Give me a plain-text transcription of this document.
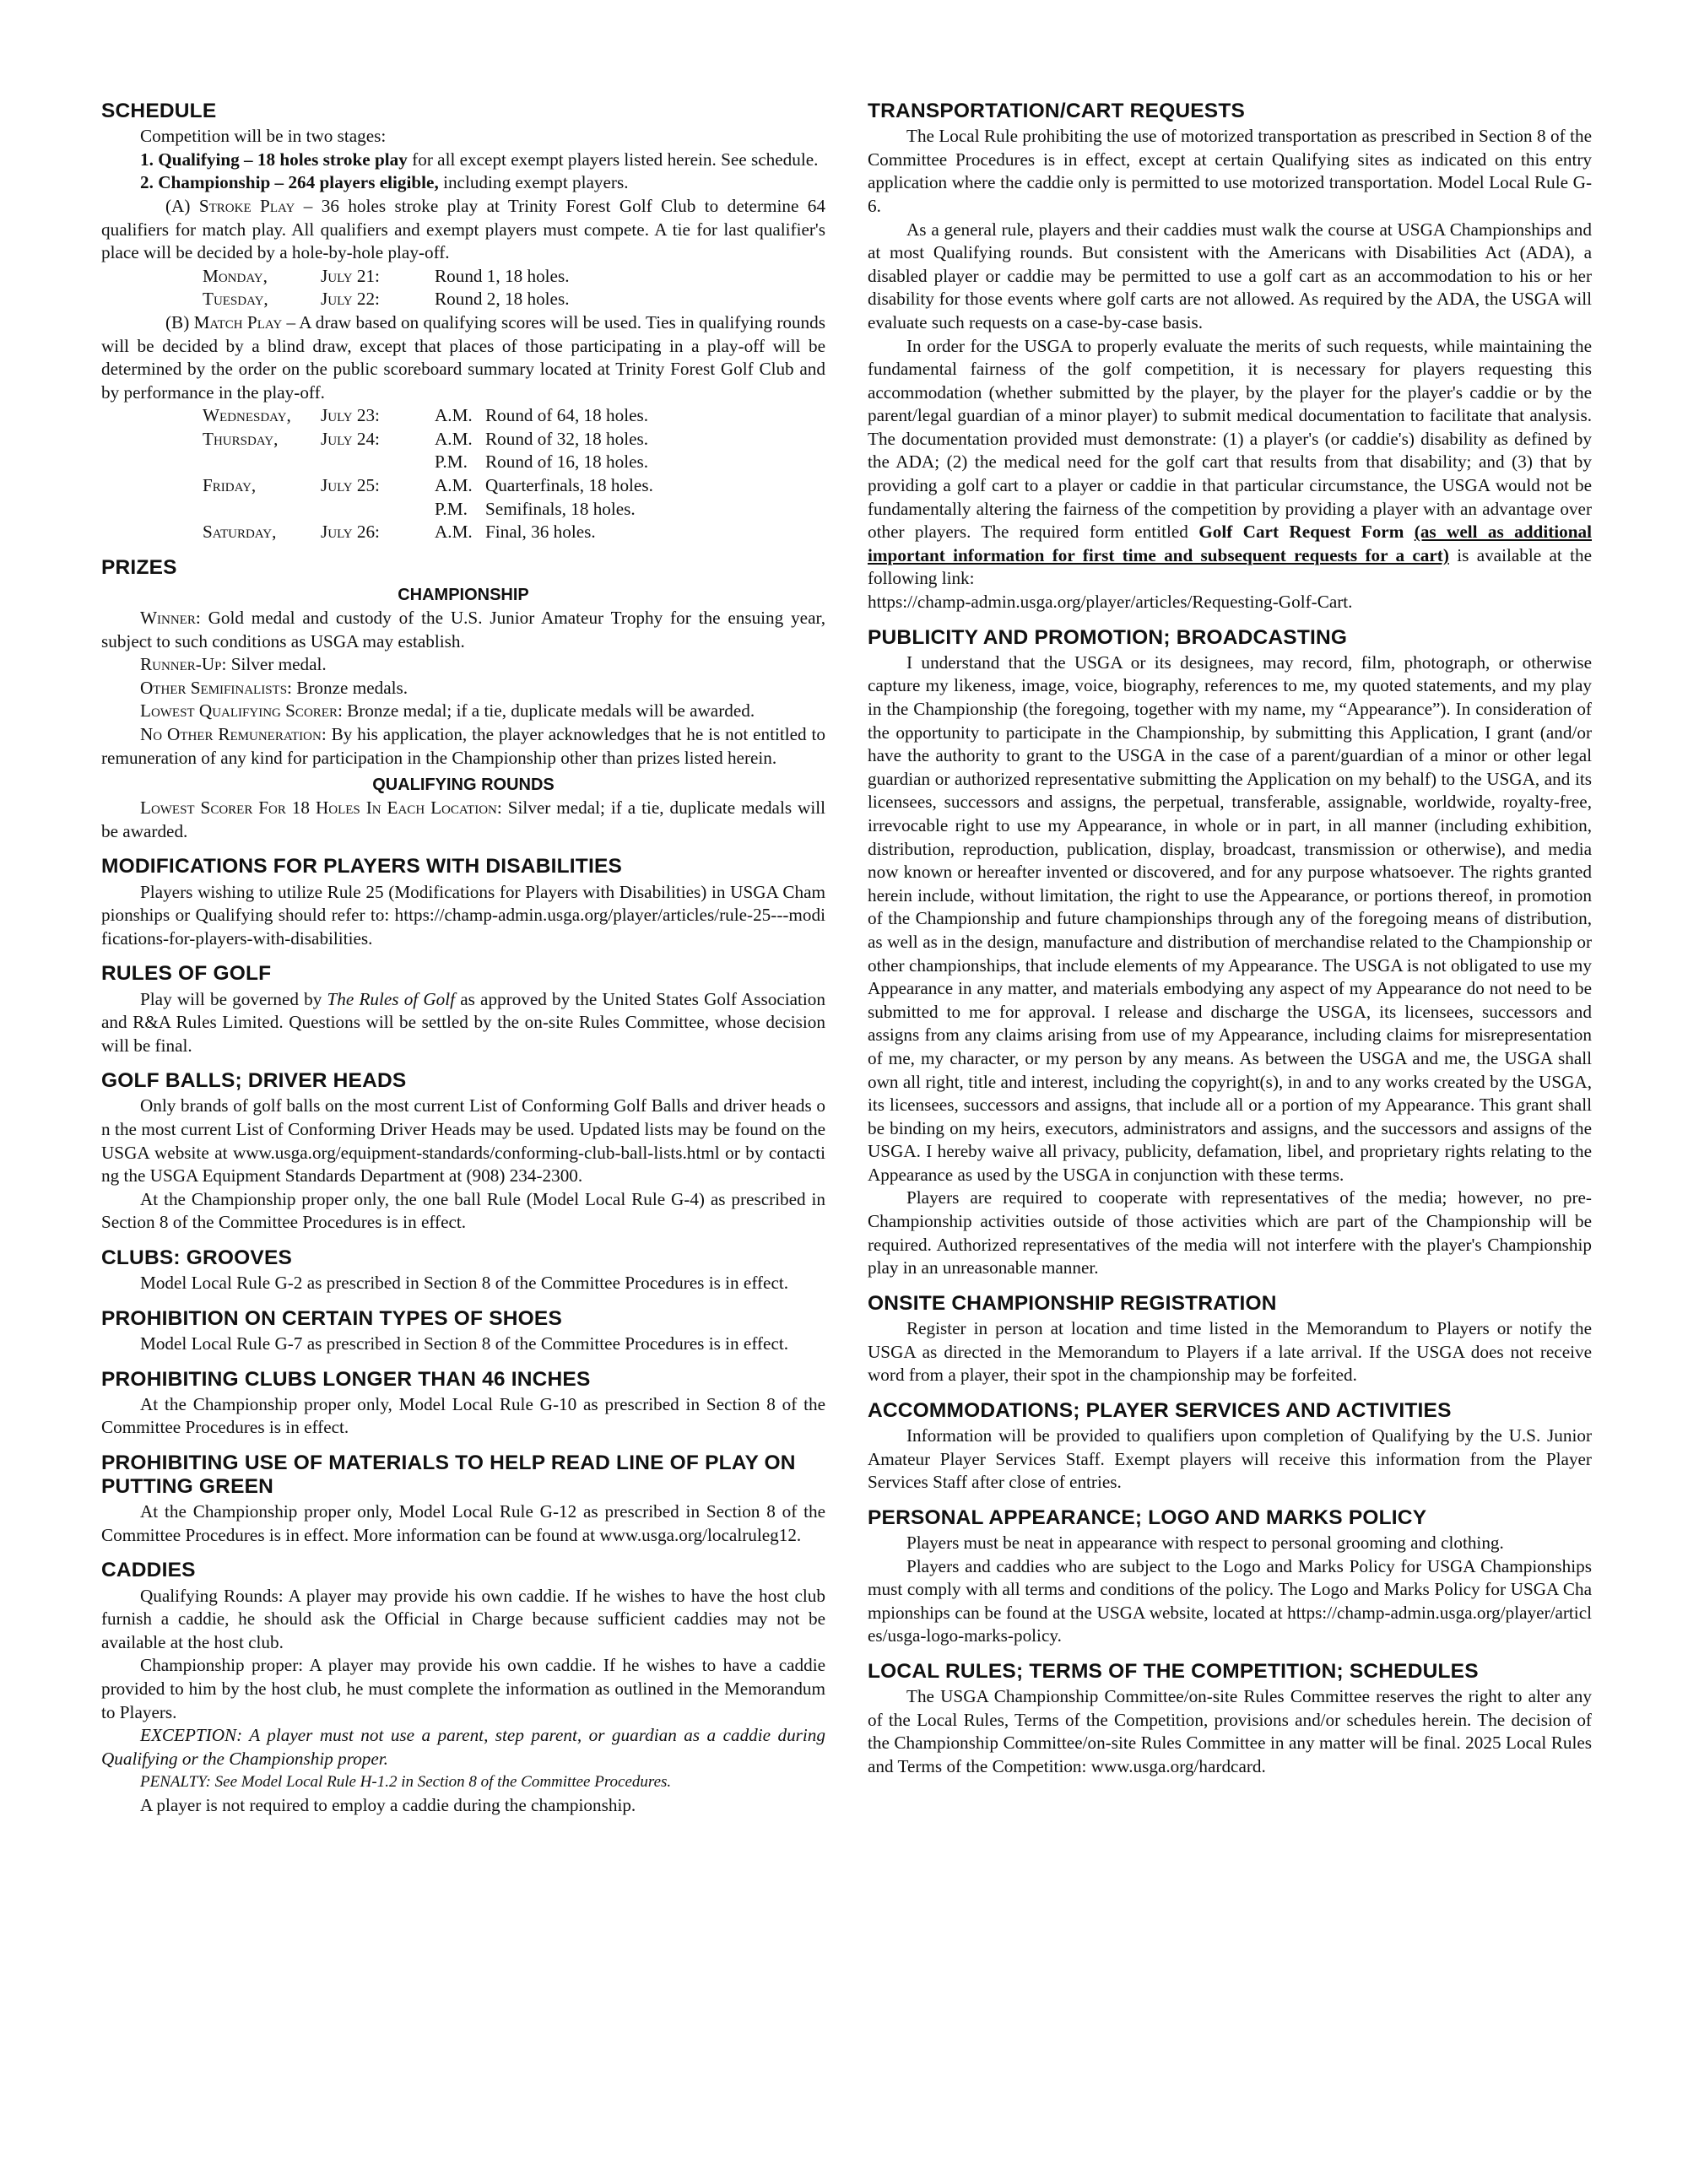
SCHEDULE

Competition will be in two stages:

1. Qualifying – 18 holes stroke play for all except exempt players listed herein. See schedule.

2. Championship – 264 players eligible, including exempt players.

(A) Stroke Play – 36 holes stroke play at Trinity Forest Golf Club to determine 64 qualifiers for match play. All qualifiers and exempt players must compete. A tie for last qualifier's place will be decided by a hole-by-hole play-off.

Monday,	July 21:	Round 1, 18 holes.
Tuesday,	July 22:	Round 2, 18 holes.

(B) Match Play – A draw based on qualifying scores will be used. Ties in qualifying rounds will be decided by a blind draw, except that places of those participating in a play-off will be determined by the order on the public scoreboard summary located at Trinity Forest Golf Club and by performance in the play-off.

Wednesday,	July 23:	A.M.	Round of 64, 18 holes.
Thursday,	July 24:	A.M.	Round of 32, 18 holes.
		P.M.	Round of 16, 18 holes.
Friday,	July 25:	A.M.	Quarterfinals, 18 holes.
		P.M.	Semifinals, 18 holes.
Saturday,	July 26:	A.M.	Final, 36 holes.
PRIZES
CHAMPIONSHIP

Winner: Gold medal and custody of the U.S. Junior Amateur Trophy for the ensuing year, subject to such conditions as USGA may establish.

Runner-Up: Silver medal.

Other Semifinalists: Bronze medals.

Lowest Qualifying Scorer: Bronze medal; if a tie, duplicate medals will be awarded.

No Other Remuneration: By his application, the player acknowledges that he is not entitled to remuneration of any kind for participation in the Championship other than prizes listed herein.

QUALIFYING ROUNDS

Lowest Scorer For 18 Holes In Each Location: Silver medal; if a tie, duplicate medals will be awarded.

MODIFICATIONS FOR PLAYERS WITH DISABILITIES

Players wishing to utilize Rule 25 (Modifications for Players with Disabilities) in USGA Championships or Qualifying should refer to: https://champ-admin.usga.org/player/articles/rule-25---modifications-for-players-with-disabilities.

RULES OF GOLF

Play will be governed by The Rules of Golf as approved by the United States Golf Association and R&A Rules Limited. Questions will be settled by the on-site Rules Committee, whose decision will be final.

GOLF BALLS; DRIVER HEADS

Only brands of golf balls on the most current List of Conforming Golf Balls and driver heads on the most current List of Conforming Driver Heads may be used. Updated lists may be found on the USGA website at www.usga.org/equipment-standards/conforming-club-ball-lists.html or by contacting the USGA Equipment Standards Department at (908) 234-2300.

At the Championship proper only, the one ball Rule (Model Local Rule G-4) as prescribed in Section 8 of the Committee Procedures is in effect.

CLUBS: GROOVES

Model Local Rule G-2 as prescribed in Section 8 of the Committee Procedures is in effect.

PROHIBITION ON CERTAIN TYPES OF SHOES

Model Local Rule G-7 as prescribed in Section 8 of the Committee Procedures is in effect.

PROHIBITING CLUBS LONGER THAN 46 INCHES

At the Championship proper only, Model Local Rule G-10 as prescribed in Section 8 of the Committee Procedures is in effect.

PROHIBITING USE OF MATERIALS TO HELP READ LINE OF PLAY ON PUTTING GREEN

At the Championship proper only, Model Local Rule G-12 as prescribed in Section 8 of the Committee Procedures is in effect. More information can be found at www.usga.org/localruleg12.

CADDIES

Qualifying Rounds: A player may provide his own caddie. If he wishes to have the host club furnish a caddie, he should ask the Official in Charge because sufficient caddies may not be available at the host club.

Championship proper: A player may provide his own caddie. If he wishes to have a caddie provided to him by the host club, he must complete the information as outlined in the Memorandum to Players.

EXCEPTION: A player must not use a parent, step parent, or guardian as a caddie during Qualifying or the Championship proper.

PENALTY: See Model Local Rule H-1.2 in Section 8 of the Committee Procedures.

A player is not required to employ a caddie during the championship.

TRANSPORTATION/CART REQUESTS

The Local Rule prohibiting the use of motorized transportation as prescribed in Section 8 of the Committee Procedures is in effect, except at certain Qualifying sites as indicated on this entry application where the caddie only is permitted to use motorized transportation. Model Local Rule G-6.

As a general rule, players and their caddies must walk the course at USGA Championships and at most Qualifying rounds. But consistent with the Americans with Disabilities Act (ADA), a disabled player or caddie may be permitted to use a golf cart as an accommodation to his or her disability for those events where golf carts are not allowed. As required by the ADA, the USGA will evaluate such requests on a case-by-case basis.

In order for the USGA to properly evaluate the merits of such requests, while maintaining the fundamental fairness of the golf competition, it is necessary for players requesting this accommodation (whether submitted by the player, by the player for the player's caddie or by the parent/legal guardian of a minor player) to submit medical documentation to facilitate that analysis. The documentation provided must demonstrate: (1) a player's (or caddie's) disability as defined by the ADA; (2) the medical need for the golf cart that results from that disability; and (3) that by providing a golf cart to a player or caddie in that particular circumstance, the USGA would not be fundamentally altering the fairness of the competition by providing a player with an advantage over other players. The required form entitled Golf Cart Request Form (as well as additional important information for first time and subsequent requests for a cart) is available at the following link:

https://champ-admin.usga.org/player/articles/Requesting-Golf-Cart.

PUBLICITY AND PROMOTION; BROADCASTING

I understand that the USGA or its designees, may record, film, photograph, or otherwise capture my likeness, image, voice, biography, references to me, my quoted statements, and my play in the Championship (the foregoing, together with my name, my “Appearance”). In consideration of the opportunity to participate in the Championship, by submitting this Application, I grant (and/or have the authority to grant to the USGA in the case of a parent/guardian of a minor or other legal guardian or authorized representative submitting the Application on my behalf) to the USGA, and its licensees, successors and assigns, the perpetual, transferable, assignable, worldwide, royalty-free, irrevocable right to use my Appearance, in whole or in part, in all manner (including exhibition, distribution, reproduction, publication, display, broadcast, transmission or otherwise), and media now known or hereafter invented or discovered, and for any purpose whatsoever. The rights granted herein include, without limitation, the right to use the Appearance, or portions thereof, in promotion of the Championship and future championships through any of the foregoing means of distribution, as well as in the design, manufacture and distribution of merchandise related to the Championship or other championships, that include elements of my Appearance. The USGA is not obligated to use my Appearance in any matter, and materials embodying any aspect of my Appearance do not need to be submitted to me for approval. I release and discharge the USGA, its licensees, successors and assigns from any claims arising from use of my Appearance, including claims for misrepresentation of me, my character, or my person by any means. As between the USGA and me, the USGA shall own all right, title and interest, including the copyright(s), in and to any works created by the USGA, its licensees, successors and assigns, that include all or a portion of my Appearance. This grant shall be binding on my heirs, executors, administrators and assigns, and the successors and assigns of the USGA. I hereby waive all privacy, publicity, defamation, libel, and proprietary rights relating to the Appearance as used by the USGA in conjunction with these terms.

Players are required to cooperate with representatives of the media; however, no pre-Championship activities outside of those activities which are part of the Championship will be required. Authorized representatives of the media will not interfere with the player's Championship play in an unreasonable manner.

ONSITE CHAMPIONSHIP REGISTRATION

Register in person at location and time listed in the Memorandum to Players or notify the USGA as directed in the Memorandum to Players if a late arrival. If the USGA does not receive word from a player, their spot in the championship may be forfeited.

ACCOMMODATIONS; PLAYER SERVICES AND ACTIVITIES

Information will be provided to qualifiers upon completion of Qualifying by the U.S. Junior Amateur Player Services Staff. Exempt players will receive this information from the Player Services Staff after close of entries.

PERSONAL APPEARANCE; LOGO AND MARKS POLICY

Players must be neat in appearance with respect to personal grooming and clothing.

Players and caddies who are subject to the Logo and Marks Policy for USGA Championships must comply with all terms and conditions of the policy. The Logo and Marks Policy for USGA Championships can be found at the USGA website, located at https://champ-admin.usga.org/player/articles/usga-logo-marks-policy.

LOCAL RULES; TERMS OF THE COMPETITION; SCHEDULES

The USGA Championship Committee/on-site Rules Committee reserves the right to alter any of the Local Rules, Terms of the Competition, provisions and/or schedules herein. The decision of the Championship Committee/on-site Rules Committee in any matter will be final. 2025 Local Rules and Terms of the Competition: www.usga.org/hardcard.
